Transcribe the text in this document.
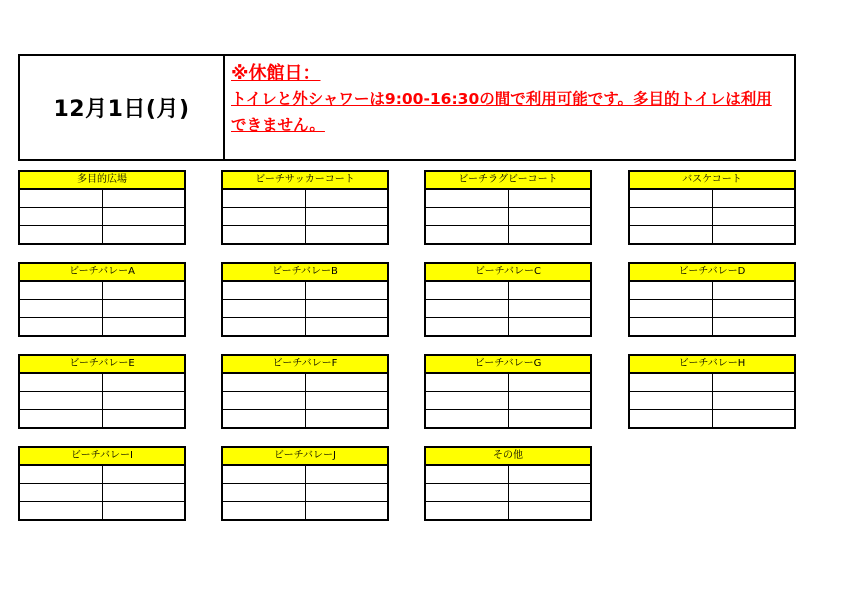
12月1日(月)
※休館日：
トイレと外シャワーは9:00-16:30の間で利用可能です。多目的トイレは利用できません。
多目的広場	ビーチサッカーコート	ビーチラグビーコート	バスケコート
ビーチバレーA	ビーチバレーB	ビーチバレーC	ビーチバレーD
ビーチバレーE	ビーチバレーF	ビーチバレーG	ビーチバレーH
ビーチバレーI	ビーチバレーJ	その他
